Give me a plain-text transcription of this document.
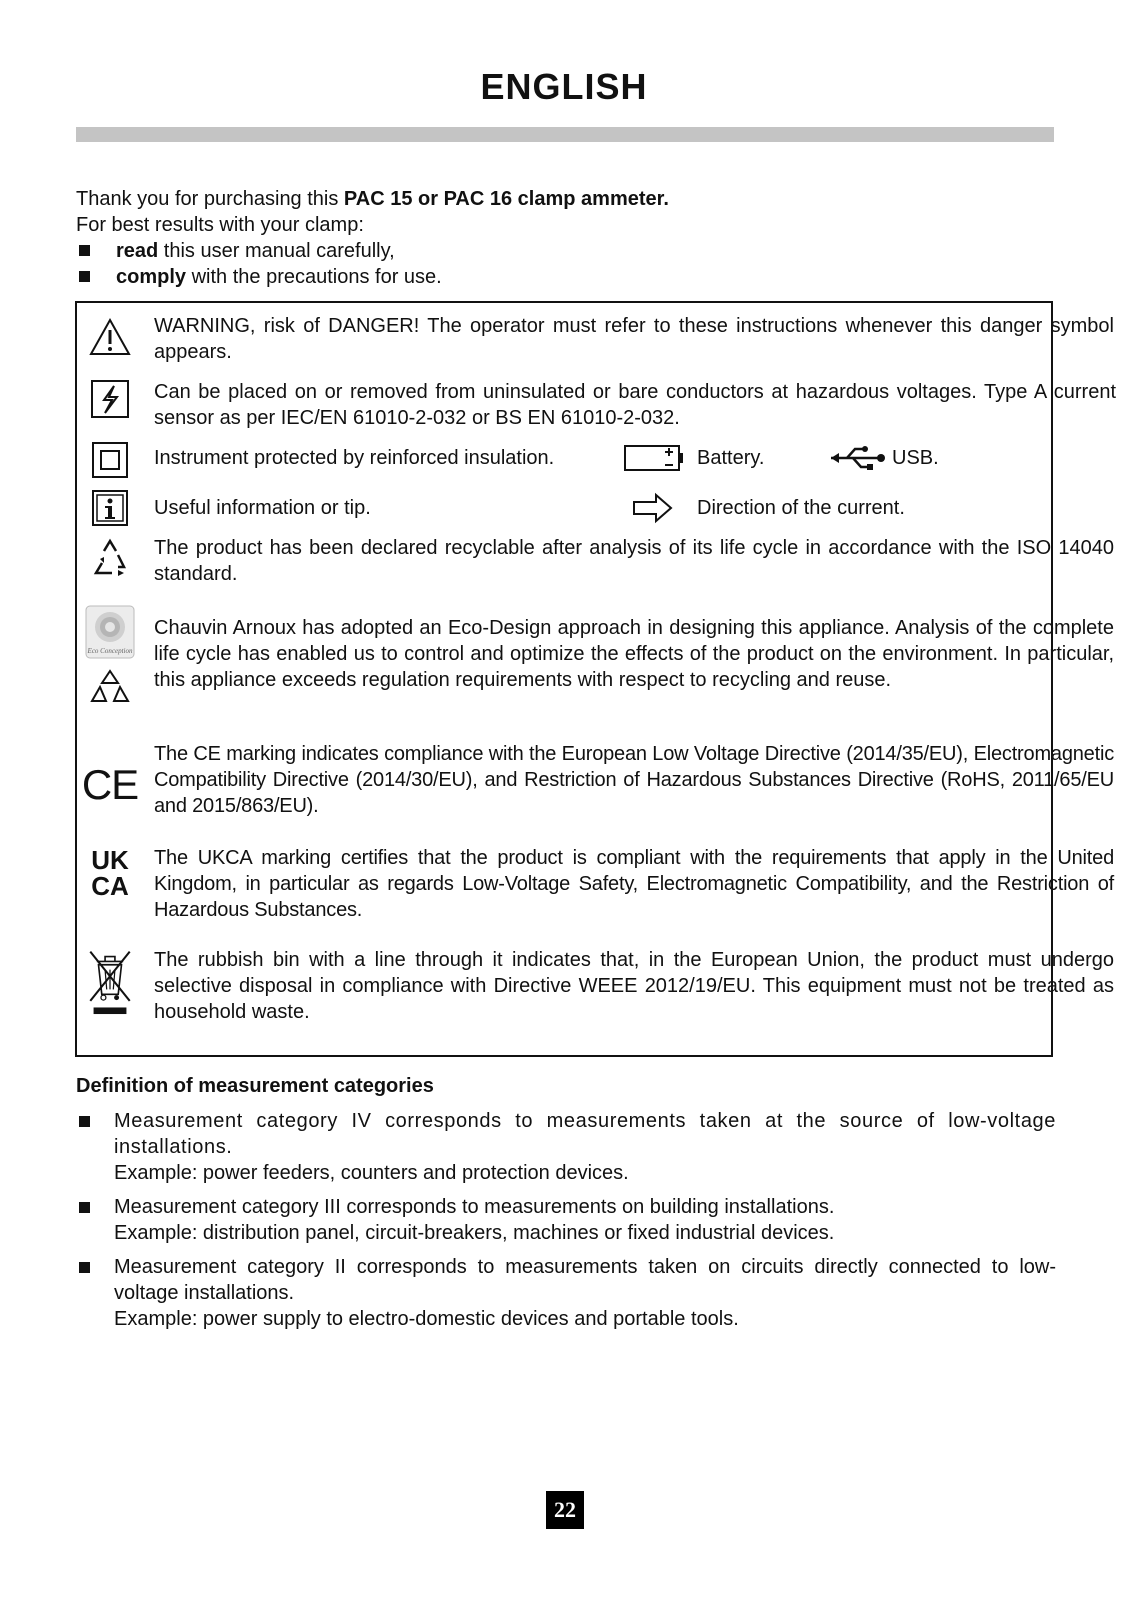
ENGLISH

Thank you for purchasing this PAC 15 or PAC 16 clamp ammeter.

For best results with your clamp:

read this user manual carefully,

comply with the precautions for use.

WARNING, risk of DANGER! The operator must refer to these instructions whenever this danger symbol appears.
Can be placed on or removed from uninsulated or bare conductors at hazardous voltages. Type A current sensor as per IEC/EN 61010-2-032 or BS EN 61010-2-032.
Instrument protected by reinforced insulation.	Battery.	USB.
Useful information or tip.	Direction of the current.
The product has been declared recyclable after analysis of its life cycle in accordance with the ISO 14040 standard.
Eco Conception
Chauvin Arnoux has adopted an Eco-Design approach in designing this appliance. Analysis of the complete life cycle has enabled us to control and optimize the effects of the product on the environment. In particular, this appliance exceeds regulation requirements with respect to recycling and reuse.
CE
The CE marking indicates compliance with the European Low Voltage Directive (2014/35/EU), Electromagnetic Compatibility Directive (2014/30/EU), and Restriction of Hazardous Substances Directive (RoHS, 2011/65/EU and 2015/863/EU).
UK
CA
The UKCA marking certifies that the product is compliant with the requirements that apply in the United Kingdom, in particular as regards Low-Voltage Safety, Electromagnetic Compatibility, and the Restriction of Hazardous Substances.
The rubbish bin with a line through it indicates that, in the European Union, the product must undergo selective disposal in compliance with Directive WEEE 2012/19/EU. This equipment must not be treated as household waste.
Definition of measurement categories

Measurement category IV corresponds to measurements taken at the source of low-voltage installations.

Example: power feeders, counters and protection devices.

Measurement category III corresponds to measurements on building installations.

Example: distribution panel, circuit-breakers, machines or fixed industrial devices.

Measurement category II corresponds to measurements taken on circuits directly connected to low-voltage installations.

Example: power supply to electro-domestic devices and portable tools.

22
